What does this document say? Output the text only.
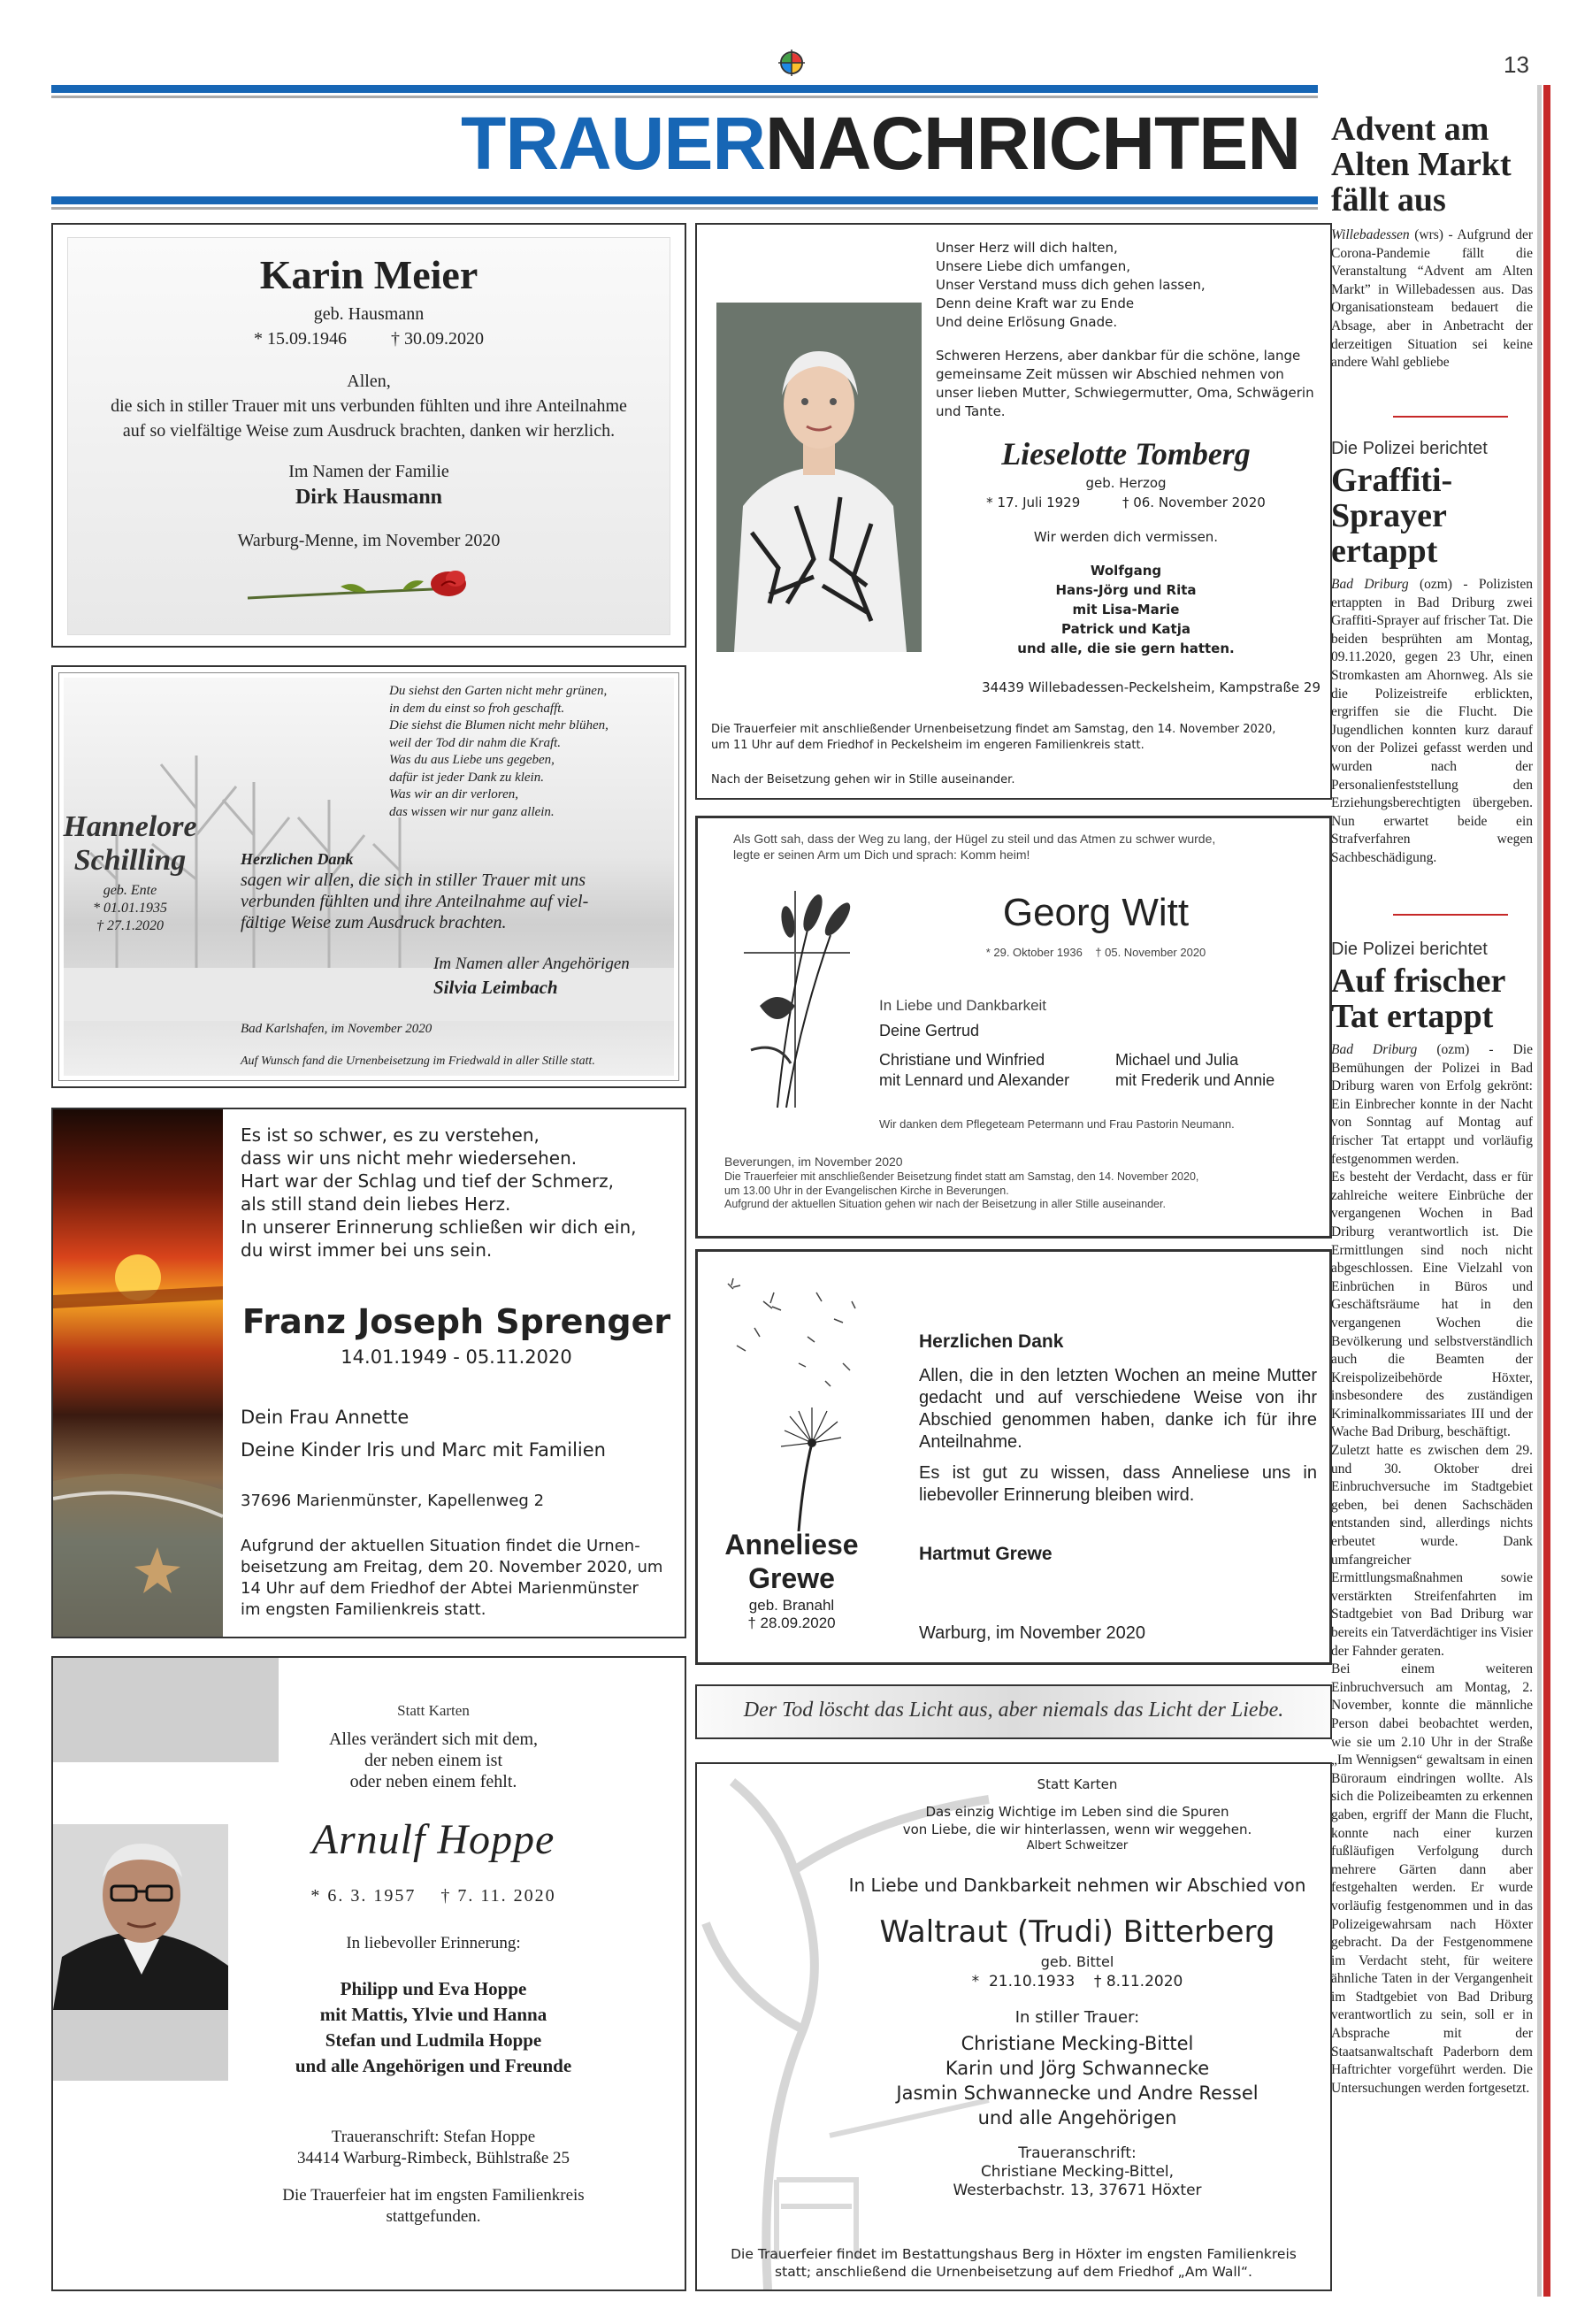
13
TRAUERNACHRICHTEN
Karin Meier
geb. Hausmann
* 15.09.1946          † 30.09.2020
Allen,
die sich in stiller Trauer mit uns verbunden fühlten und ihre Anteilnahme
auf so vielfältige Weise zum Ausdruck brachten, danken wir herzlich.
Im Namen der Familie
Dirk Hausmann
Warburg-Menne, im November 2020
Unser Herz will dich halten,
Unsere Liebe dich umfangen,
Unser Verstand muss dich gehen lassen,
Denn deine Kraft war zu Ende
Und deine Erlösung Gnade.
Schweren Herzens, aber dankbar für die schöne, lange gemeinsame Zeit müssen wir Abschied nehmen von unser lieben Mutter, Schwiegermutter, Oma, Schwägerin und Tante.
Lieselotte Tomberg
geb. Herzog
* 17. Juli 1929          † 06. November 2020
Wir werden dich vermissen.
Wolfgang
Hans-Jörg und Rita
mit Lisa-Marie
Patrick und Katja
und alle, die sie gern hatten.
34439 Willebadessen-Peckelsheim, Kampstraße 29
Die Trauerfeier mit anschließender Urnenbeisetzung findet am Samstag, den 14. November 2020,
um 11 Uhr auf dem Friedhof in Peckelsheim im engeren Familienkreis statt.
Nach der Beisetzung gehen wir in Stille auseinander.
Du siehst den Garten nicht mehr grünen,
in dem du einst so froh geschafft.
Die siehst die Blumen nicht mehr blühen,
weil der Tod dir nahm die Kraft.
Was du aus Liebe uns gegeben,
dafür ist jeder Dank zu klein.
Was wir an dir verloren,
das wissen wir nur ganz allein.
Hannelore
Schilling
geb. Ente
* 01.01.1935
† 27.1.2020
Herzlichen Dank
sagen wir allen, die sich in stiller Trauer mit uns
verbunden fühlten und ihre Anteilnahme auf viel-
fältige Weise zum Ausdruck brachten.
Im Namen aller Angehörigen
Silvia Leimbach
Bad Karlshafen, im November 2020
Auf Wunsch fand die Urnenbeisetzung im Friedwald in aller Stille statt.
Als Gott sah, dass der Weg zu lang, der Hügel zu steil und das Atmen zu schwer wurde,
legte er seinen Arm um Dich und sprach: Komm heim!
Georg Witt
* 29. Oktober 1936    † 05. November 2020
In Liebe und Dankbarkeit
Deine Gertrud
Christiane und Winfried
mit Lennard und Alexander
Michael und Julia
mit Frederik und Annie
Wir danken dem Pflegeteam Petermann und Frau Pastorin Neumann.
Beverungen, im November 2020
Die Trauerfeier mit anschließender Beisetzung findet statt am Samstag, den 14. November 2020,
um 13.00 Uhr in der Evangelischen Kirche in Beverungen.
Aufgrund der aktuellen Situation gehen wir nach der Beisetzung in aller Stille auseinander.
Es ist so schwer, es zu verstehen,
dass wir uns nicht mehr wiedersehen.
Hart war der Schlag und tief der Schmerz,
als still stand dein liebes Herz.
In unserer Erinnerung schließen wir dich ein,
du wirst immer bei uns sein.
Franz Joseph Sprenger
14.01.1949 - 05.11.2020
Dein Frau Annette
Deine Kinder Iris und Marc mit Familien
37696 Marienmünster, Kapellenweg 2
Aufgrund der aktuellen Situation findet die Urnen-
beisetzung am Freitag, dem 20. November 2020, um
14 Uhr auf dem Friedhof der Abtei Marienmünster
im engsten Familienkreis statt.
Anneliese
Grewe
geb. Branahl
† 28.09.2020
Herzlichen Dank
Allen, die in den letzten Wochen an meine Mutter gedacht und auf verschiedene Weise von ihr Abschied genommen haben, danke ich für ihre Anteilnahme.
Es ist gut zu wissen, dass Anneliese uns in liebevoller Erinnerung bleiben wird.
Hartmut Grewe
Warburg, im November 2020
Statt Karten
Alles verändert sich mit dem,
der neben einem ist
oder neben einem fehlt.
Arnulf Hoppe
* 6. 3. 1957    † 7. 11. 2020
In liebevoller Erinnerung:
Philipp und Eva Hoppe
mit Mattis, Ylvie und Hanna
Stefan und Ludmila Hoppe
und alle Angehörigen und Freunde
Traueranschrift: Stefan Hoppe
34414 Warburg-Rimbeck, Bühlstraße 25
Die Trauerfeier hat im engsten Familienkreis
stattgefunden.
Der Tod löscht das Licht aus, aber niemals das Licht der Liebe.
Statt Karten
Das einzig Wichtige im Leben sind die Spuren
von Liebe, die wir hinterlassen, wenn wir weggehen.
Albert Schweitzer
In Liebe und Dankbarkeit nehmen wir Abschied von
Waltraut (Trudi) Bitterberg
geb. Bittel
*  21.10.1933    † 8.11.2020
In stiller Trauer:
Christiane Mecking-Bittel
Karin und Jörg Schwannecke
Jasmin Schwannecke und Andre Ressel
und alle Angehörigen
Traueranschrift:
Christiane Mecking-Bittel,
Westerbachstr. 13, 37671 Höxter
Die Trauerfeier findet im Bestattungshaus Berg in Höxter im engsten Familienkreis
statt; anschließend die Urnenbeisetzung auf dem Friedhof „Am Wall“.
Advent am
Alten Markt
fällt aus
Willebadessen (wrs) - Aufgrund der Corona-Pandemie fällt die Veranstaltung “Advent am Alten Markt” in Willebadessen aus. Das Organisationsteam bedauert die Absage, aber in Anbetracht der derzeitigen Situation sei keine andere Wahl gebliebe
Die Polizei berichtet
Graffiti-
Sprayer
ertappt
Bad Driburg (ozm) - Polizisten ertappten in Bad Driburg zwei Graffiti-Sprayer auf frischer Tat. Die beiden besprühten am Montag, 09.11.2020, gegen 23 Uhr, einen Stromkasten am Ahornweg. Als sie die Polizeistreife erblickten, ergriffen sie die Flucht. Die Jugendlichen konnten kurz darauf von der Polizei gefasst werden und wurden nach der Personalienfeststellung den Erziehungsberechtigten übergeben. Nun erwartet beide ein Strafverfahren wegen Sachbeschädigung.
Die Polizei berichtet
Auf frischer
Tat ertappt
Bad Driburg (ozm) - Die Bemühungen der Polizei in Bad Driburg waren von Erfolg gekrönt: Ein Einbrecher konnte in der Nacht von Sonntag auf Montag auf frischer Tat ertappt und vorläufig festgenommen werden.
Es besteht der Verdacht, dass er für zahlreiche weitere Einbrüche der vergangenen Wochen in Bad Driburg verantwortlich ist. Die Ermittlungen sind noch nicht abgeschlossen. Eine Vielzahl von Einbrüchen in Büros und Geschäftsräume hat in den vergangenen Wochen die Bevölkerung und selbstverständlich auch die Beamten der Kreispolizeibehörde Höxter, insbesondere des zuständigen Kriminalkommissariates III und der Wache Bad Driburg, beschäftigt.
Zuletzt hatte es zwischen dem 29. und 30. Oktober drei Einbruchversuche im Stadtgebiet geben, bei denen Sachschäden entstanden sind, allerdings nichts erbeutet wurde. Dank umfangreicher Ermittlungsmaßnahmen sowie verstärkten Streifenfahrten im Stadtgebiet von Bad Driburg war bereits ein Tatverdächtiger ins Visier der Fahnder geraten.
Bei einem weiteren Einbruchversuch am Montag, 2. November, konnte die männliche Person dabei beobachtet werden, wie sie um 2.10 Uhr in der Straße „Im Wennigsen“ gewaltsam in einen Büroraum eindringen wollte. Als sich die Polizeibeamten zu erkennen gaben, ergriff der Mann die Flucht, konnte nach einer kurzen fußläufigen Verfolgung durch mehrere Gärten dann aber festgehalten werden. Er wurde vorläufig festgenommen und in das Polizeigewahrsam nach Höxter gebracht. Da der Festgenommene im Verdacht steht, für weitere ähnliche Taten in der Vergangenheit im Stadtgebiet von Bad Driburg verantwortlich zu sein, soll er in Absprache mit der Staatsanwaltschaft Paderborn dem Haftrichter vorgeführt werden. Die Untersuchungen werden fortgesetzt.
